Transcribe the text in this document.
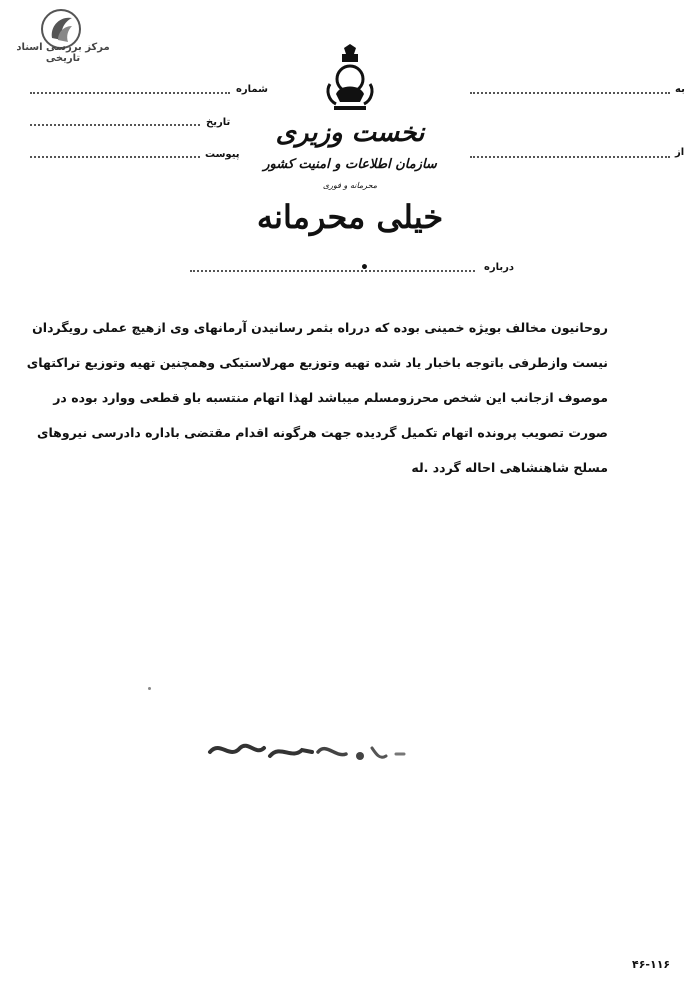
مرکز بررسی اسناد تاریخی
شماره
تاریخ
پیوست
به
از
نخست وزیری
سازمان اطلاعات و امنیت کشور
محرمانه و فوری
خیلی محرمانه
درباره
•

روحانیون مخالف بویژه خمینی بوده که درراه بثمر رسانیدن آرمانهای وی ازهیچ عملی رویگردان

نیست وازطرفی باتوجه باخبار یاد شده تهیه وتوزیع مهرلاستیکی وهمچنین تهیه وتوزیع تراکتهای

موصوف ازجانب این شخص محرزومسلم میباشد لهذا اتهام منتسبه باو قطعی ووارد بوده در

صورت تصویب پرونده اتهام تکمیل گردیده جهت هرگونه اقدام مقتضی باداره دادرسی نیروهای

مسلح شاهنشاهی احاله گردد .له

۴۶-۱۱۶
